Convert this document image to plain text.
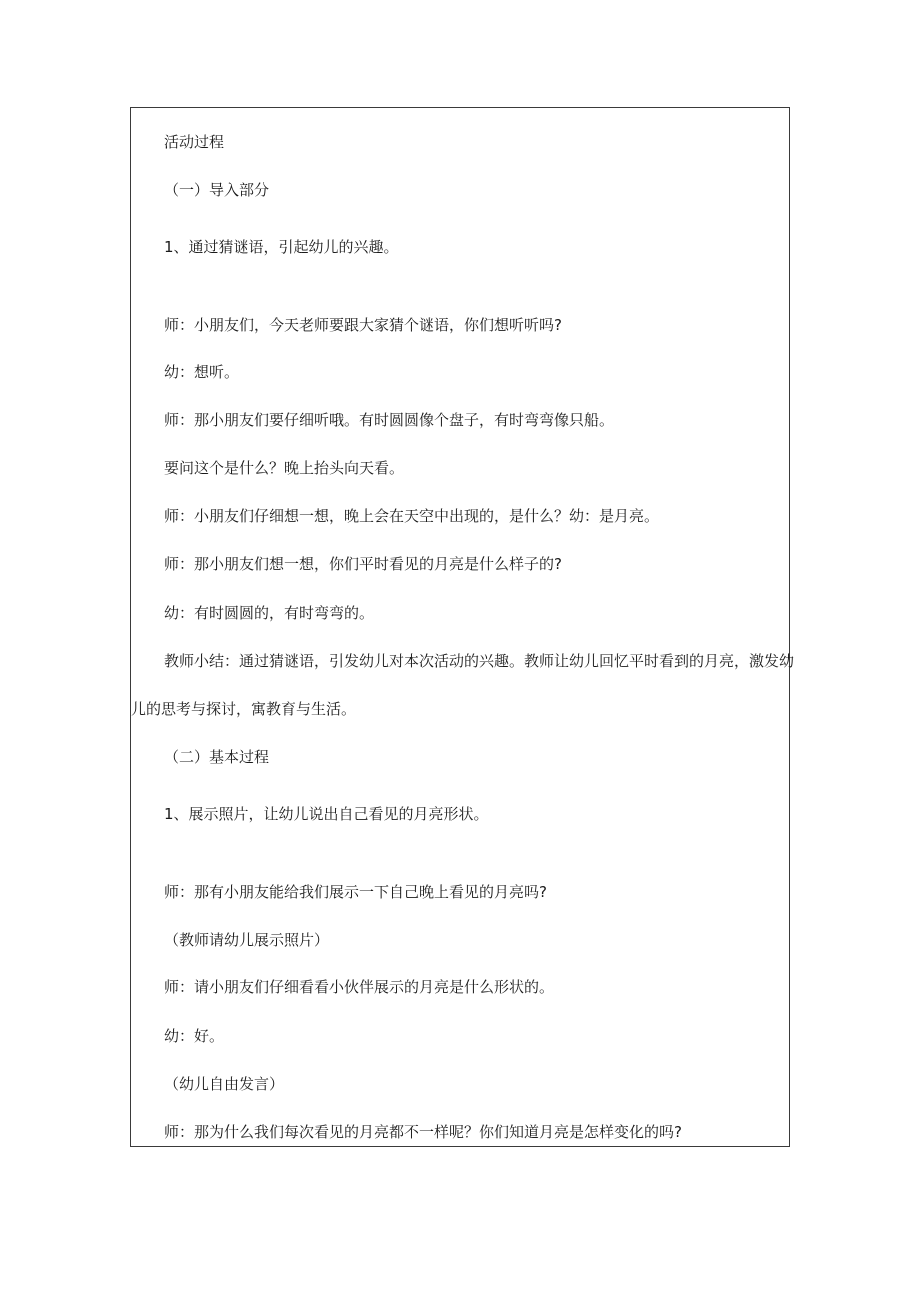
活动过程
（一）导入部分
1、通过猜谜语，引起幼儿的兴趣。
师：小朋友们，今天老师要跟大家猜个谜语，你们想听听吗?
幼：想听。
师：那小朋友们要仔细听哦。有时圆圆像个盘子，有时弯弯像只船。
要问这个是什么？晚上抬头向天看。
师：小朋友们仔细想一想，晚上会在天空中出现的，是什么？幼：是月亮。
师：那小朋友们想一想，你们平时看见的月亮是什么样子的?
幼：有时圆圆的，有时弯弯的。
教师小结：通过猜谜语，引发幼儿对本次活动的兴趣。教师让幼儿回忆平时看到的月亮，激发幼
儿的思考与探讨，寓教育与生活。
（二）基本过程
1、展示照片，让幼儿说出自己看见的月亮形状。
师：那有小朋友能给我们展示一下自己晚上看见的月亮吗?
（教师请幼儿展示照片）
师：请小朋友们仔细看看小伙伴展示的月亮是什么形状的。
幼：好。
（幼儿自由发言）
师：那为什么我们每次看见的月亮都不一样呢？你们知道月亮是怎样变化的吗?
